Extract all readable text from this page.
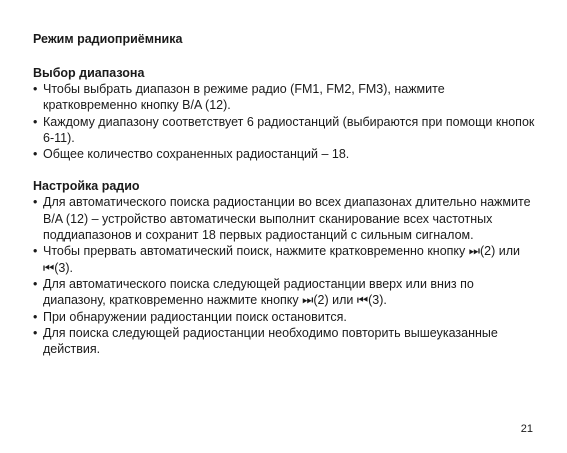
Режим радиоприёмника
Выбор диапазона
• Чтобы выбрать диапазон в режиме радио (FM1, FM2, FM3), нажмите кратковременно кнопку B/A (12).
• Каждому диапазону соответствует 6 радиостанций (выбираются при помощи кнопок 6-11).
• Общее количество сохраненных радиостанций – 18.
Настройка радио
• Для автоматического поиска радиостанции во всех диапазонах длительно нажмите B/A (12) – устройство автоматически выполнит сканирование всех частотных поддиапазонов и сохранит 18 первых радиостанций с сильным сигналом.
• Чтобы прервать автоматический поиск, нажмите кратковременно кнопку ⏭(2) или ⏮(3).
• Для автоматического поиска следующей радиостанции вверх или вниз по диапазону, кратковременно нажмите кнопку ⏭(2) или ⏮(3).
• При обнаружении радиостанции поиск остановится.
• Для поиска следующей радиостанции необходимо повторить вышеуказанные действия.
21
